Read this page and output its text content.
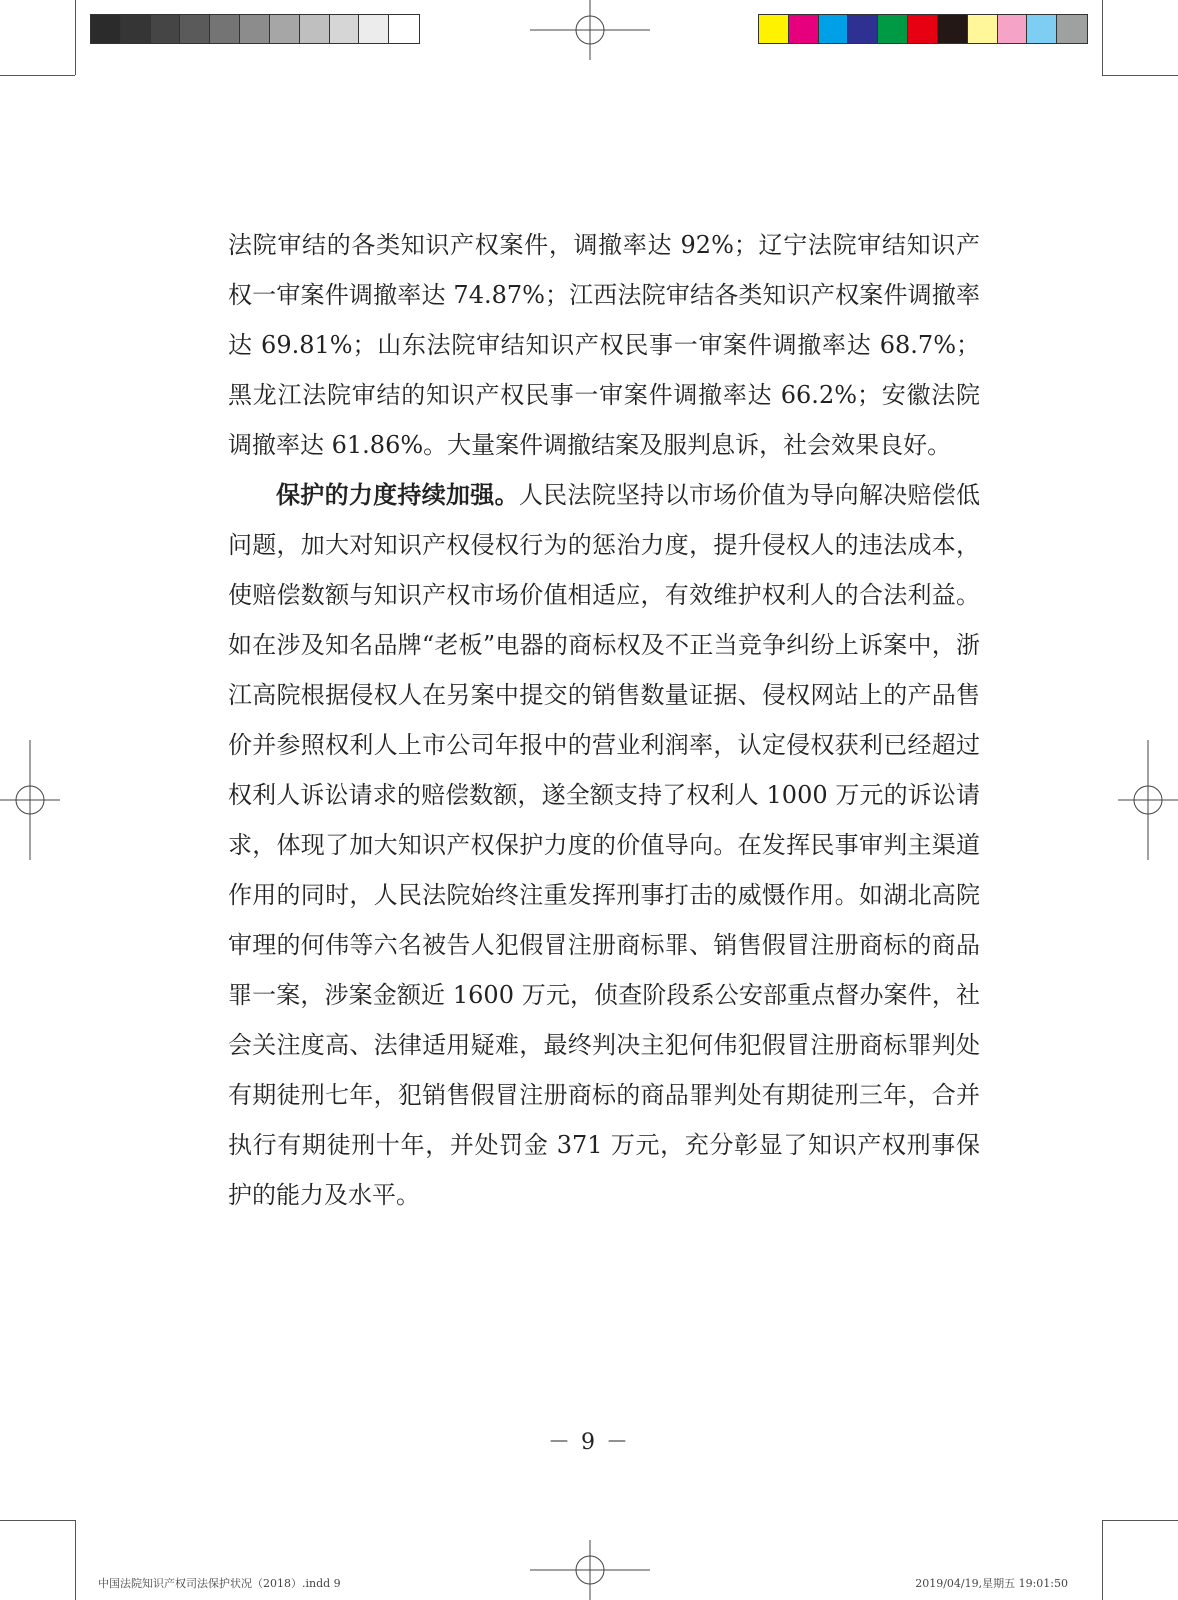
法院审结的各类知识产权案件，调撤率达 92%；辽宁法院审结知识产权一审案件调撤率达 74.87%；江西法院审结各类知识产权案件调撤率达 69.81%；山东法院审结知识产权民事一审案件调撤率达 68.7%；黑龙江法院审结的知识产权民事一审案件调撤率达 66.2%；安徽法院调撤率达 61.86%。大量案件调撤结案及服判息诉，社会效果良好。

保护的力度持续加强。人民法院坚持以市场价值为导向解决赔偿低问题，加大对知识产权侵权行为的惩治力度，提升侵权人的违法成本，使赔偿数额与知识产权市场价值相适应，有效维护权利人的合法利益。如在涉及知名品牌“老板”电器的商标权及不正当竞争纠纷上诉案中，浙江高院根据侵权人在另案中提交的销售数量证据、侵权网站上的产品售价并参照权利人上市公司年报中的营业利润率，认定侵权获利已经超过权利人诉讼请求的赔偿数额，遂全额支持了权利人 1000 万元的诉讼请求，体现了加大知识产权保护力度的价值导向。在发挥民事审判主渠道作用的同时，人民法院始终注重发挥刑事打击的威慑作用。如湖北高院审理的何伟等六名被告人犯假冒注册商标罪、销售假冒注册商标的商品罪一案，涉案金额近 1600 万元，侦查阶段系公安部重点督办案件，社会关注度高、法律适用疑难，最终判决主犯何伟犯假冒注册商标罪判处有期徒刑七年，犯销售假冒注册商标的商品罪判处有期徒刑三年，合并执行有期徒刑十年，并处罚金 371 万元，充分彰显了知识产权刑事保护的能力及水平。

－ 9 －
中国法院知识产权司法保护状况（2018）.indd 9	2019/04/19,星期五 19:01:50
